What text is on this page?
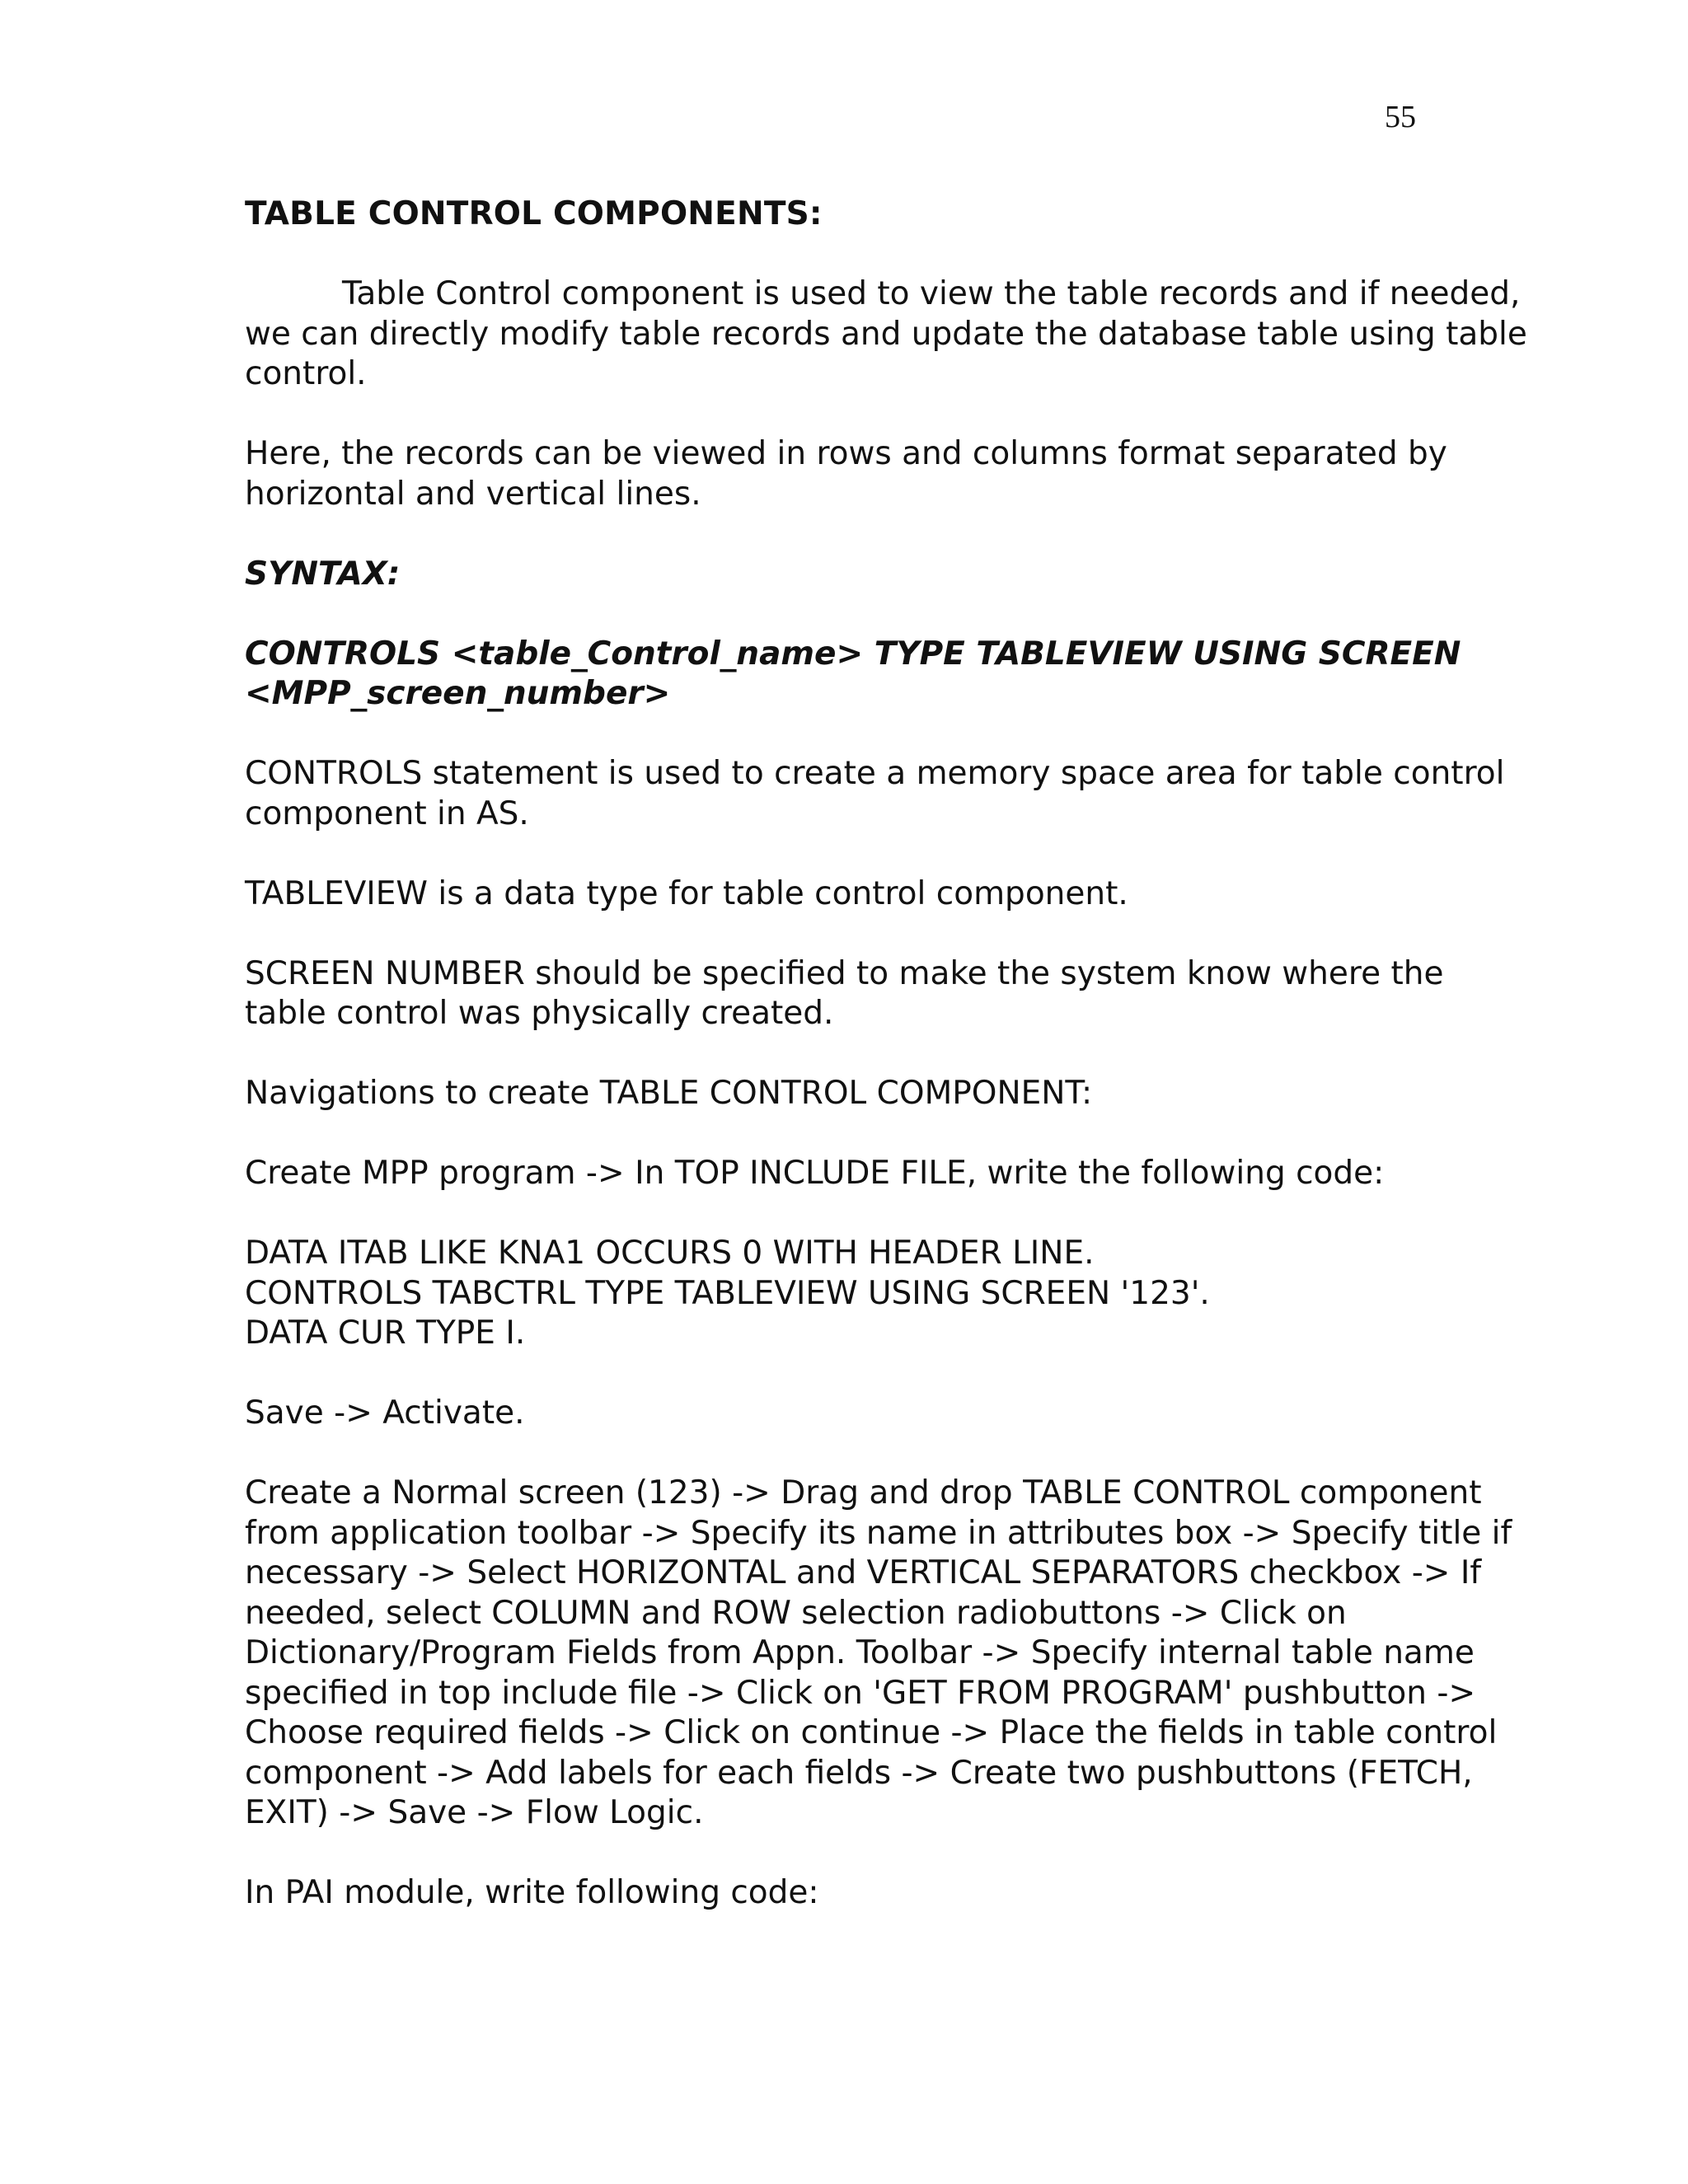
55

TABLE CONTROL COMPONENTS:

Table Control component is used to view the table records and if needed, we can directly modify table records and update the database table using table control.

Here, the records can be viewed in rows and columns format separated by horizontal and vertical lines.

SYNTAX:

CONTROLS <table_Control_name> TYPE TABLEVIEW USING SCREEN
<MPP_screen_number>

CONTROLS statement is used to create a memory space area for table control component in AS.

TABLEVIEW is a data type for table control component.

SCREEN NUMBER should be specified to make the system know where the table control was physically created.

Navigations to create TABLE CONTROL COMPONENT:

Create MPP program -> In TOP INCLUDE FILE, write the following code:

DATA ITAB LIKE KNA1 OCCURS 0 WITH HEADER LINE.

CONTROLS TABCTRL TYPE TABLEVIEW USING SCREEN '123'.

DATA CUR TYPE I.

Save -> Activate.

Create a Normal screen (123) -> Drag and drop TABLE CONTROL component from application toolbar -> Specify its name in attributes box -> Specify title if necessary -> Select HORIZONTAL and VERTICAL SEPARATORS checkbox -> If needed, select COLUMN and ROW selection radiobuttons -> Click on Dictionary/Program Fields from Appn. Toolbar -> Specify internal table name specified in top include file -> Click on 'GET FROM PROGRAM' pushbutton -> Choose required fields -> Click on continue -> Place the fields in table control component -> Add labels for each fields -> Create two pushbuttons (FETCH, EXIT) -> Save -> Flow Logic.

In PAI module, write following code:
